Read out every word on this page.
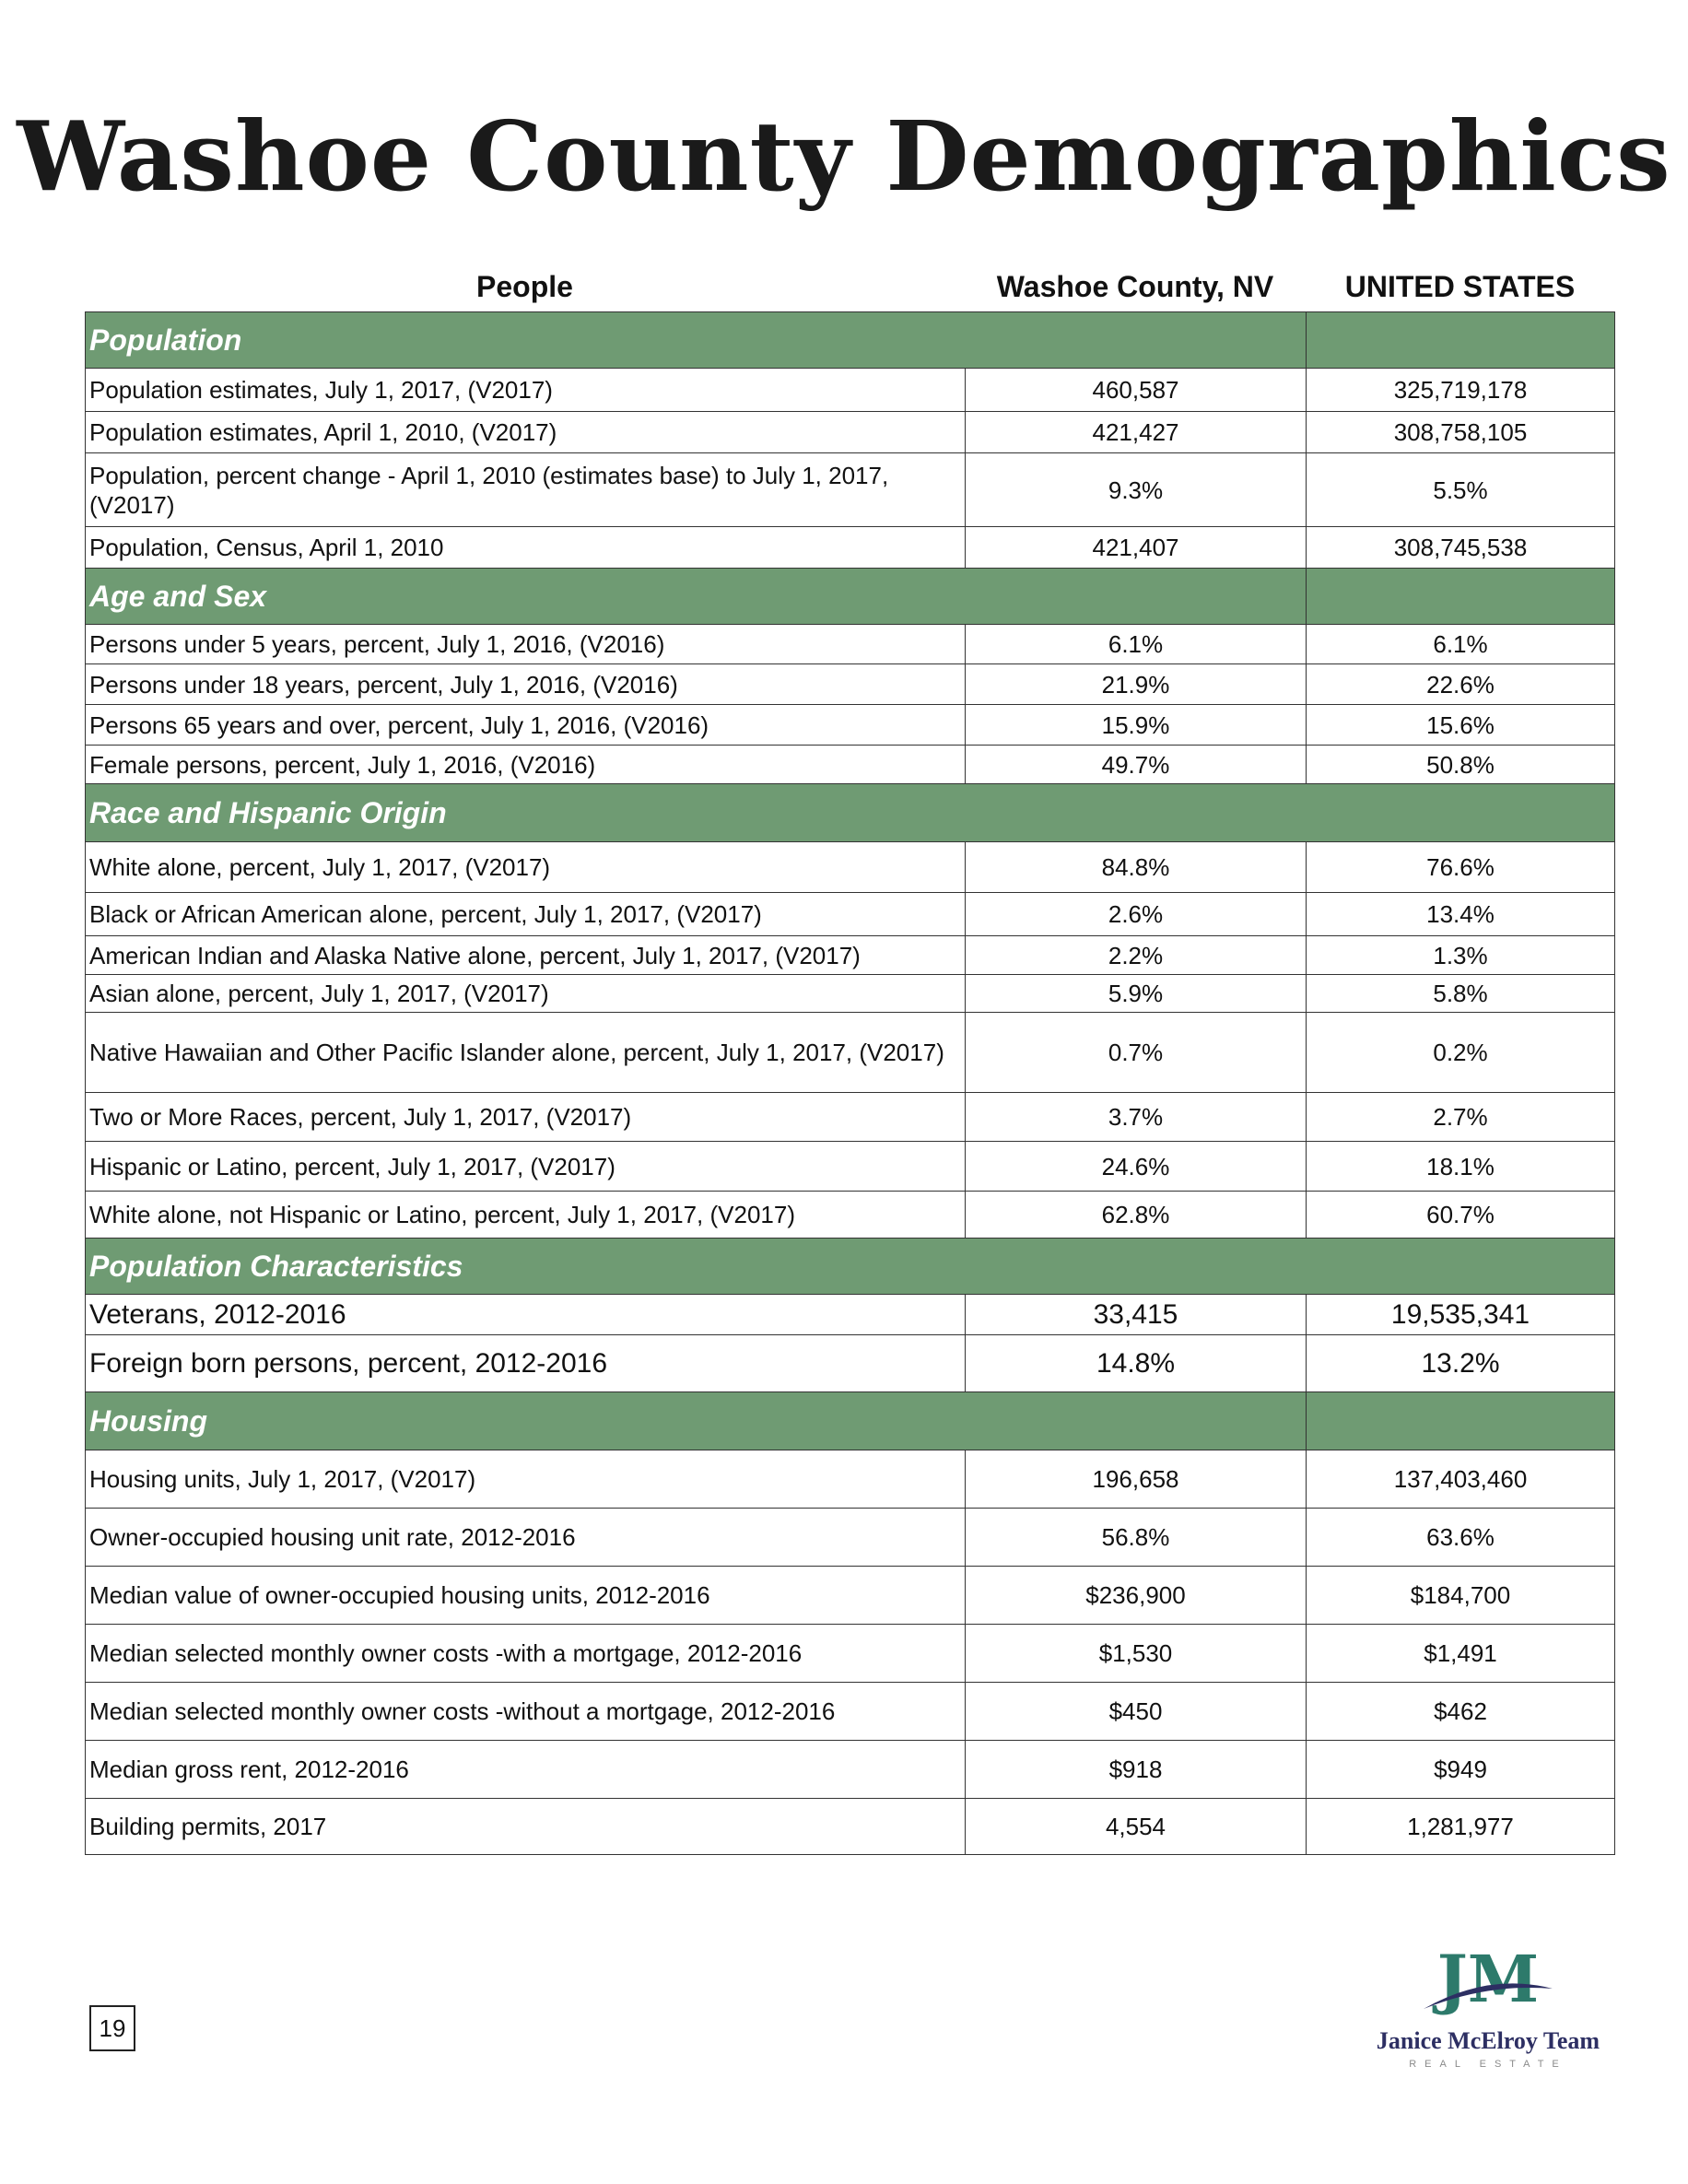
Washoe County Demographics
People	Washoe County, NV	UNITED STATES
Population		
Population estimates, July 1, 2017, (V2017)	460,587	325,719,178
Population estimates, April 1, 2010, (V2017)	421,427	308,758,105
Population, percent change - April 1, 2010 (estimates base) to July 1, 2017, (V2017)	9.3%	5.5%
Population, Census, April 1, 2010	421,407	308,745,538
Age and Sex		
Persons under 5 years, percent, July 1, 2016, (V2016)	6.1%	6.1%
Persons under 18 years, percent, July 1, 2016, (V2016)	21.9%	22.6%
Persons 65 years and over, percent, July 1, 2016, (V2016)	15.9%	15.6%
Female persons, percent, July 1, 2016, (V2016)	49.7%	50.8%
Race and Hispanic Origin		
White alone, percent, July 1, 2017, (V2017)	84.8%	76.6%
Black or African American alone, percent, July 1, 2017, (V2017)	2.6%	13.4%
American Indian and Alaska Native alone, percent, July 1, 2017, (V2017)	2.2%	1.3%
Asian alone, percent, July 1, 2017, (V2017)	5.9%	5.8%
Native Hawaiian and Other Pacific Islander alone, percent, July 1, 2017, (V2017)	0.7%	0.2%
Two or More Races, percent, July 1, 2017, (V2017)	3.7%	2.7%
Hispanic or Latino, percent, July 1, 2017, (V2017)	24.6%	18.1%
White alone, not Hispanic or Latino, percent, July 1, 2017, (V2017)	62.8%	60.7%
Population Characteristics		
Veterans, 2012-2016	33,415	19,535,341
Foreign born persons, percent, 2012-2016	14.8%	13.2%
Housing		
Housing units, July 1, 2017, (V2017)	196,658	137,403,460
Owner-occupied housing unit rate, 2012-2016	56.8%	63.6%
Median value of owner-occupied housing units, 2012-2016	$236,900	$184,700
Median selected monthly owner costs -with a mortgage, 2012-2016	$1,530	$1,491
Median selected monthly owner costs -without a mortgage, 2012-2016	$450	$462
Median gross rent, 2012-2016	$918	$949
Building permits, 2017	4,554	1,281,977
19
JM
Janice McElroy Team
REAL ESTATE
